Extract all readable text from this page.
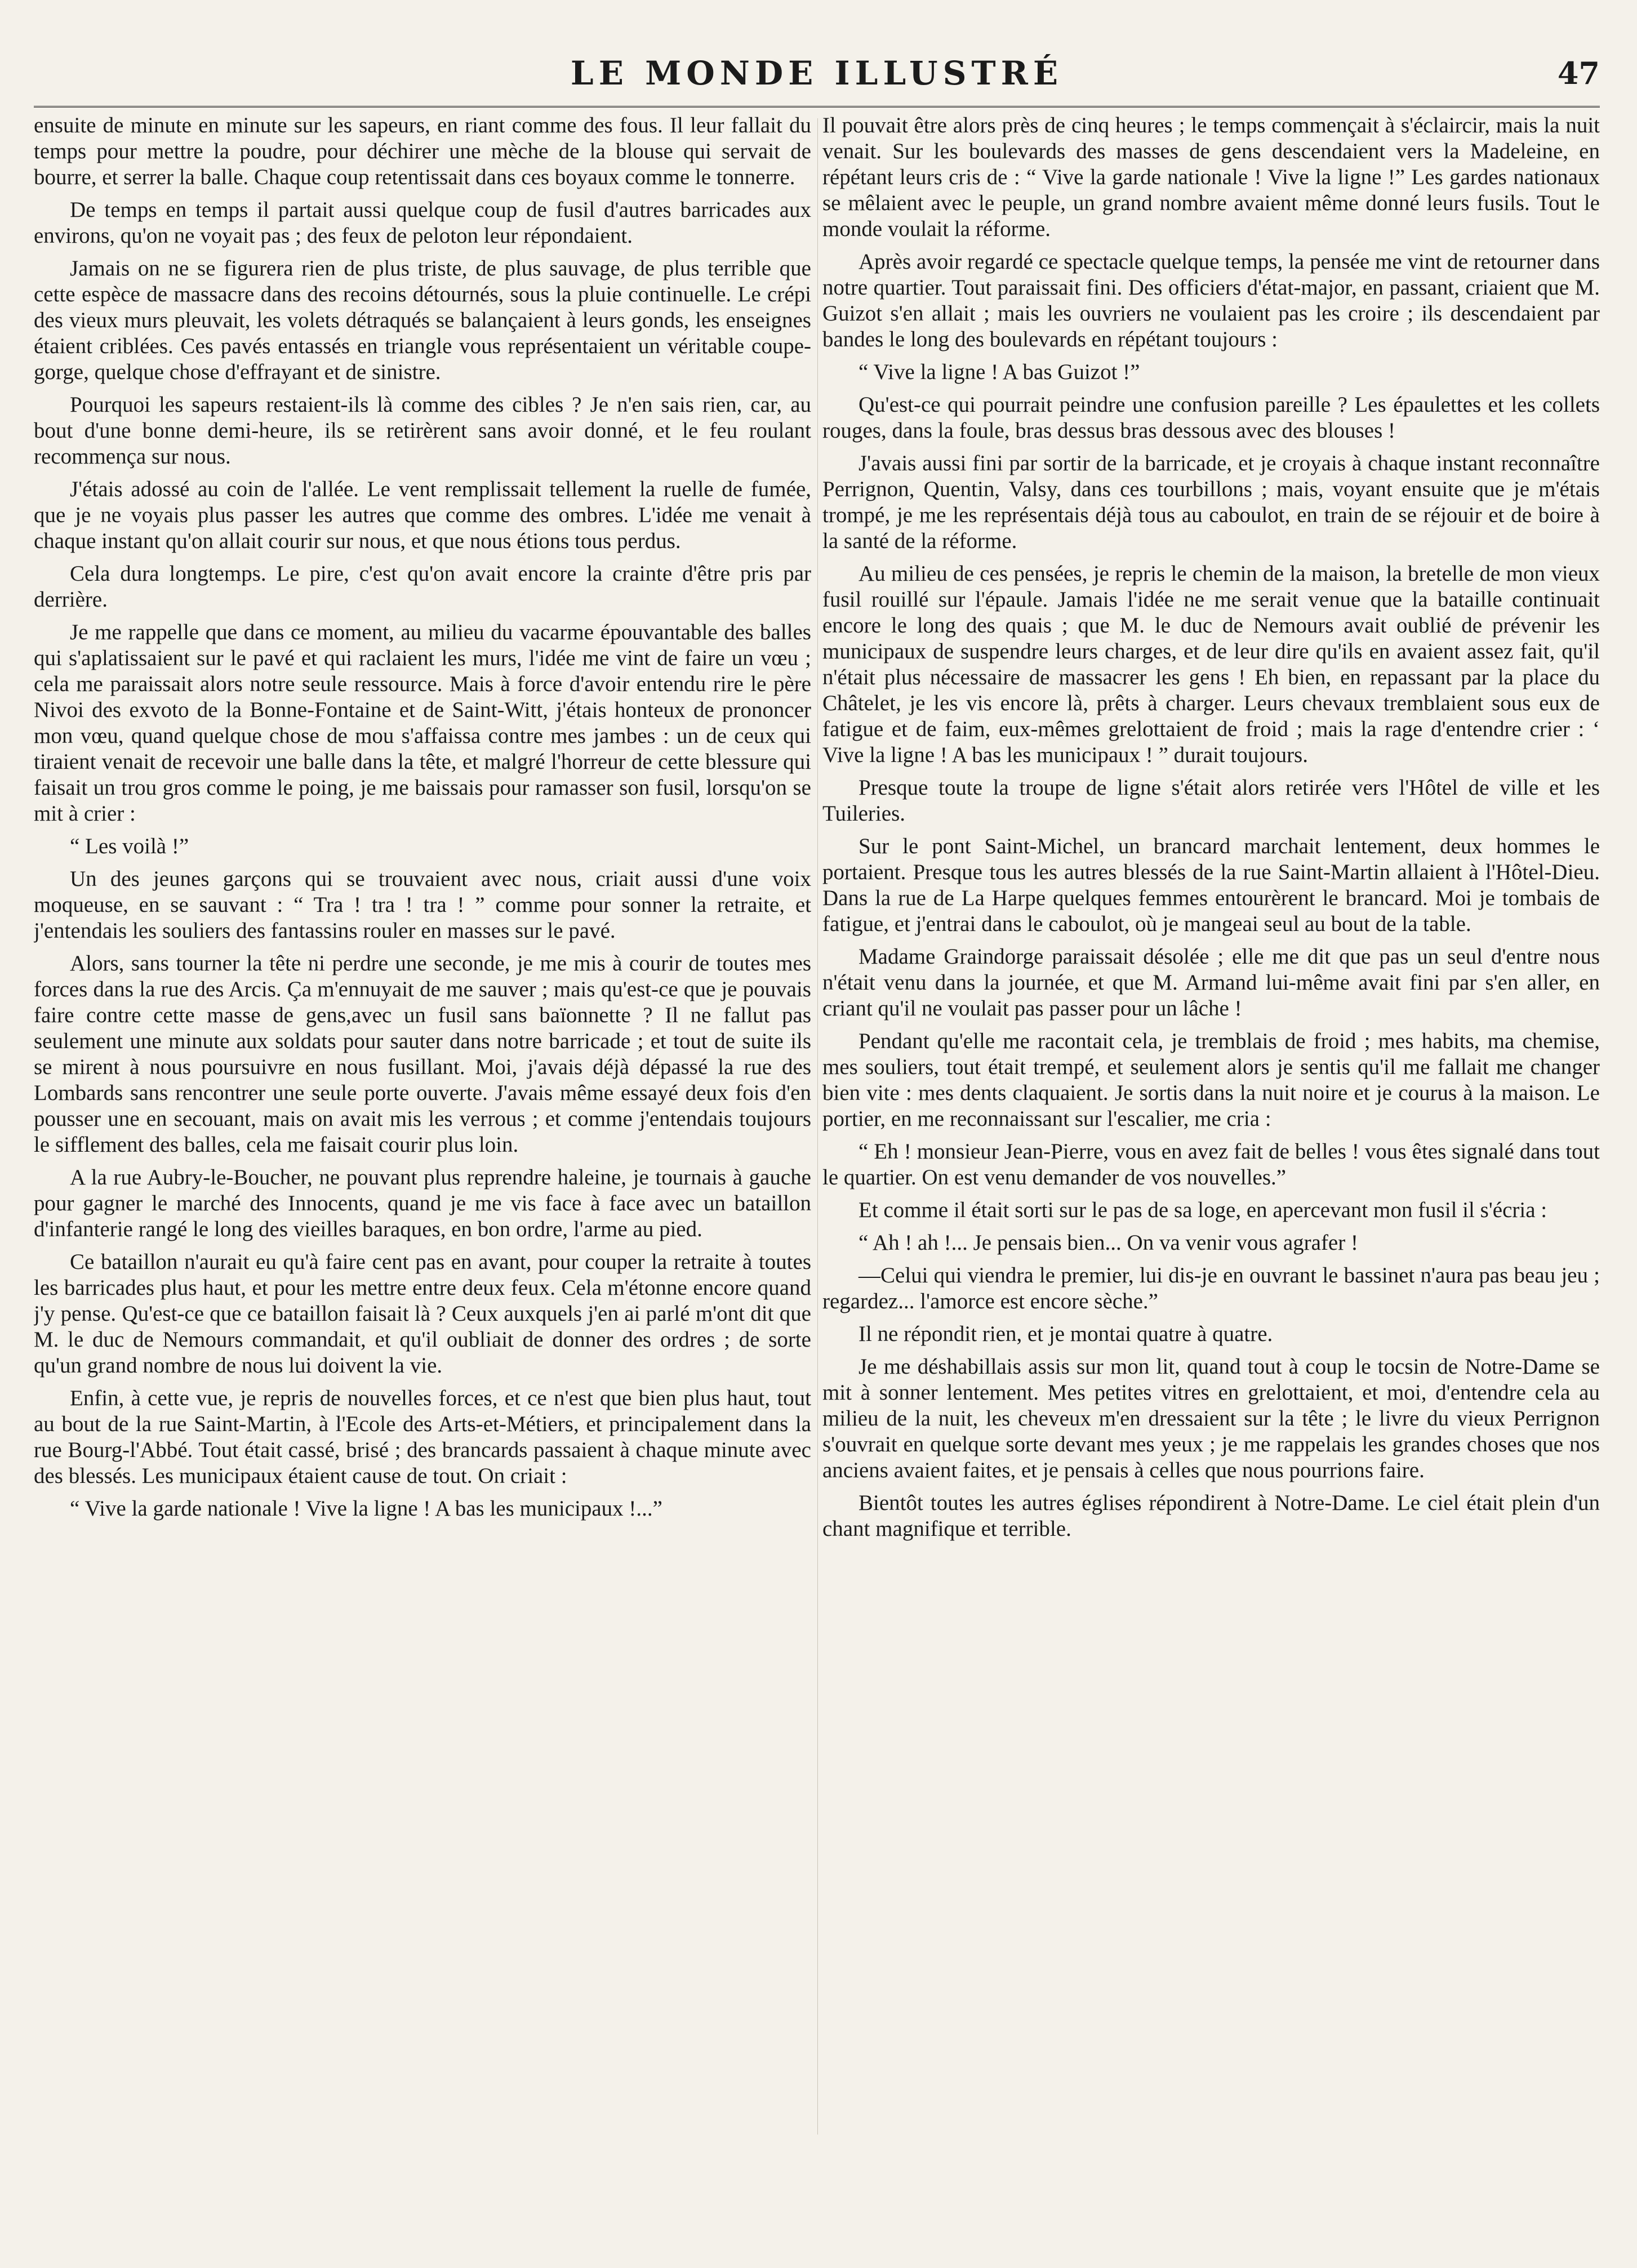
LE MONDE ILLUSTRÉ	47

ensuite de minute en minute sur les sapeurs, en riant comme des fous. Il leur fallait du temps pour mettre la poudre, pour déchirer une mèche de la blouse qui servait de bourre, et serrer la balle. Chaque coup retentissait dans ces boyaux comme le tonnerre.

De temps en temps il partait aussi quelque coup de fusil d'autres barricades aux environs, qu'on ne voyait pas ; des feux de peloton leur répondaient.

Jamais on ne se figurera rien de plus triste, de plus sauvage, de plus terrible que cette espèce de massacre dans des recoins détournés, sous la pluie continuelle. Le crépi des vieux murs pleuvait, les volets détraqués se balançaient à leurs gonds, les enseignes étaient criblées. Ces pavés entassés en triangle vous représentaient un véritable coupe-gorge, quelque chose d'effrayant et de sinistre.

Pourquoi les sapeurs restaient-ils là comme des cibles ? Je n'en sais rien, car, au bout d'une bonne demi-heure, ils se retirèrent sans avoir donné, et le feu roulant recommença sur nous.

J'étais adossé au coin de l'allée. Le vent remplissait tellement la ruelle de fumée, que je ne voyais plus passer les autres que comme des ombres. L'idée me venait à chaque instant qu'on allait courir sur nous, et que nous étions tous perdus.

Cela dura longtemps. Le pire, c'est qu'on avait encore la crainte d'être pris par derrière.

Je me rappelle que dans ce moment, au milieu du vacarme épouvantable des balles qui s'aplatissaient sur le pavé et qui raclaient les murs, l'idée me vint de faire un vœu ; cela me paraissait alors notre seule ressource. Mais à force d'avoir entendu rire le père Nivoi des exvoto de la Bonne-Fontaine et de Saint-Witt, j'étais honteux de prononcer mon vœu, quand quelque chose de mou s'affaissa contre mes jambes : un de ceux qui tiraient venait de recevoir une balle dans la tête, et malgré l'horreur de cette blessure qui faisait un trou gros comme le poing, je me baissais pour ramasser son fusil, lorsqu'on se mit à crier :

“ Les voilà !”

Un des jeunes garçons qui se trouvaient avec nous, criait aussi d'une voix moqueuse, en se sauvant : “ Tra ! tra ! tra ! ” comme pour sonner la retraite, et j'entendais les souliers des fantassins rouler en masses sur le pavé.

Alors, sans tourner la tête ni perdre une seconde, je me mis à courir de toutes mes forces dans la rue des Arcis. Ça m'ennuyait de me sauver ; mais qu'est-ce que je pouvais faire contre cette masse de gens,avec un fusil sans baïonnette ? Il ne fallut pas seulement une minute aux soldats pour sauter dans notre barricade ; et tout de suite ils se mirent à nous poursuivre en nous fusillant. Moi, j'avais déjà dépassé la rue des Lombards sans rencontrer une seule porte ouverte. J'avais même essayé deux fois d'en pousser une en secouant, mais on avait mis les verrous ; et comme j'entendais toujours le sifflement des balles, cela me faisait courir plus loin.

A la rue Aubry-le-Boucher, ne pouvant plus reprendre haleine, je tournais à gauche pour gagner le marché des Innocents, quand je me vis face à face avec un bataillon d'infanterie rangé le long des vieilles baraques, en bon ordre, l'arme au pied.

Ce bataillon n'aurait eu qu'à faire cent pas en avant, pour couper la retraite à toutes les barricades plus haut, et pour les mettre entre deux feux. Cela m'étonne encore quand j'y pense. Qu'est-ce que ce bataillon faisait là ? Ceux auxquels j'en ai parlé m'ont dit que M. le duc de Nemours commandait, et qu'il oubliait de donner des ordres ; de sorte qu'un grand nombre de nous lui doivent la vie.

Enfin, à cette vue, je repris de nouvelles forces, et ce n'est que bien plus haut, tout au bout de la rue Saint-Martin, à l'Ecole des Arts-et-Métiers, et principalement dans la rue Bourg-l'Abbé. Tout était cassé, brisé ; des brancards passaient à chaque minute avec des blessés. Les municipaux étaient cause de tout. On criait :

“ Vive la garde nationale ! Vive la ligne ! A bas les municipaux !...”

Il pouvait être alors près de cinq heures ; le temps commençait à s'éclaircir, mais la nuit venait. Sur les boulevards des masses de gens descendaient vers la Madeleine, en répétant leurs cris de : “ Vive la garde nationale ! Vive la ligne !” Les gardes nationaux se mêlaient avec le peuple, un grand nombre avaient même donné leurs fusils. Tout le monde voulait la réforme.

Après avoir regardé ce spectacle quelque temps, la pensée me vint de retourner dans notre quartier. Tout paraissait fini. Des officiers d'état-major, en passant, criaient que M. Guizot s'en allait ; mais les ouvriers ne voulaient pas les croire ; ils descendaient par bandes le long des boulevards en répétant toujours :

“ Vive la ligne ! A bas Guizot !”

Qu'est-ce qui pourrait peindre une confusion pareille ? Les épaulettes et les collets rouges, dans la foule, bras dessus bras dessous avec des blouses !

J'avais aussi fini par sortir de la barricade, et je croyais à chaque instant reconnaître Perrignon, Quentin, Valsy, dans ces tourbillons ; mais, voyant ensuite que je m'étais trompé, je me les représentais déjà tous au caboulot, en train de se réjouir et de boire à la santé de la réforme.

Au milieu de ces pensées, je repris le chemin de la maison, la bretelle de mon vieux fusil rouillé sur l'épaule. Jamais l'idée ne me serait venue que la bataille continuait encore le long des quais ; que M. le duc de Nemours avait oublié de prévenir les municipaux de suspendre leurs charges, et de leur dire qu'ils en avaient assez fait, qu'il n'était plus nécessaire de massacrer les gens ! Eh bien, en repassant par la place du Châtelet, je les vis encore là, prêts à charger. Leurs chevaux tremblaient sous eux de fatigue et de faim, eux-mêmes grelottaient de froid ; mais la rage d'entendre crier : ‘ Vive la ligne ! A bas les municipaux ! ” durait toujours.

Presque toute la troupe de ligne s'était alors retirée vers l'Hôtel de ville et les Tuileries.

Sur le pont Saint-Michel, un brancard marchait lentement, deux hommes le portaient. Presque tous les autres blessés de la rue Saint-Martin allaient à l'Hôtel-Dieu. Dans la rue de La Harpe quelques femmes entourèrent le brancard. Moi je tombais de fatigue, et j'entrai dans le caboulot, où je mangeai seul au bout de la table.

Madame Graindorge paraissait désolée ; elle me dit que pas un seul d'entre nous n'était venu dans la journée, et que M. Armand lui-même avait fini par s'en aller, en criant qu'il ne voulait pas passer pour un lâche !

Pendant qu'elle me racontait cela, je tremblais de froid ; mes habits, ma chemise, mes souliers, tout était trempé, et seulement alors je sentis qu'il me fallait me changer bien vite : mes dents claquaient. Je sortis dans la nuit noire et je courus à la maison. Le portier, en me reconnaissant sur l'escalier, me cria :

“ Eh ! monsieur Jean-Pierre, vous en avez fait de belles ! vous êtes signalé dans tout le quartier. On est venu demander de vos nouvelles.”

Et comme il était sorti sur le pas de sa loge, en apercevant mon fusil il s'écria :

“ Ah ! ah !... Je pensais bien... On va venir vous agrafer !

—Celui qui viendra le premier, lui dis-je en ouvrant le bassinet n'aura pas beau jeu ; regardez... l'amorce est encore sèche.”

Il ne répondit rien, et je montai quatre à quatre.

Je me déshabillais assis sur mon lit, quand tout à coup le tocsin de Notre-Dame se mit à sonner lentement. Mes petites vitres en grelottaient, et moi, d'entendre cela au milieu de la nuit, les cheveux m'en dressaient sur la tête ; le livre du vieux Perrignon s'ouvrait en quelque sorte devant mes yeux ; je me rappelais les grandes choses que nos anciens avaient faites, et je pensais à celles que nous pourrions faire.

Bientôt toutes les autres églises répondirent à Notre-Dame. Le ciel était plein d'un chant magnifique et terrible.
